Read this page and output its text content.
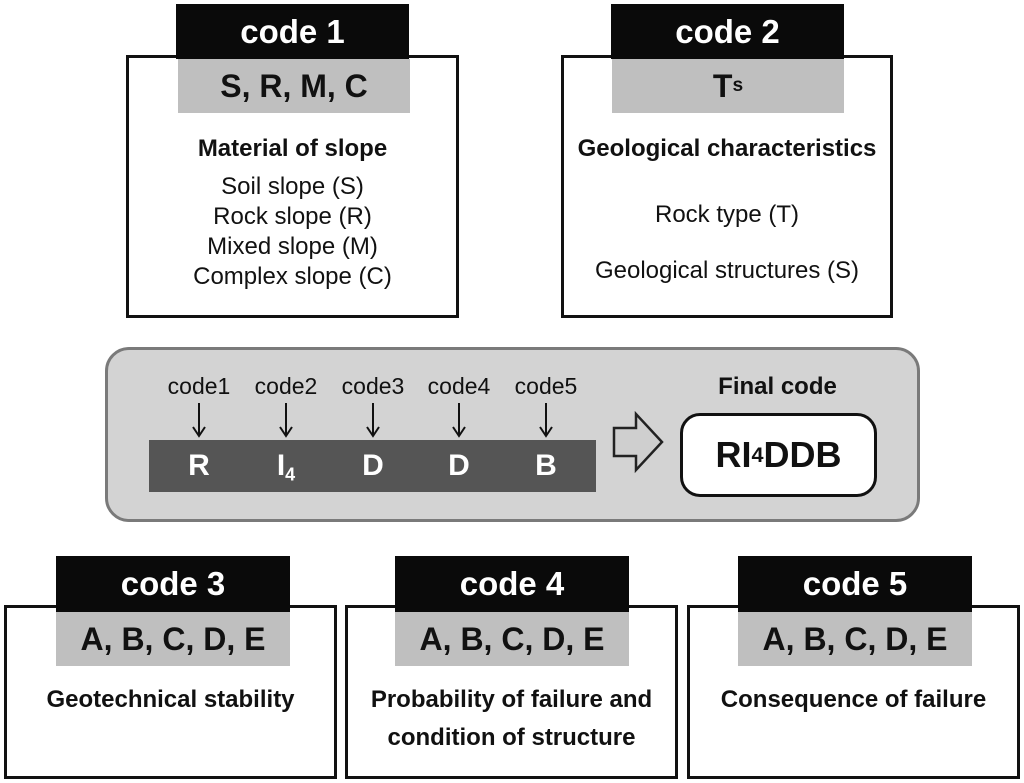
code 1
S, R, M, C
Material of slope
Soil slope (S)
Rock slope (R)
Mixed slope (M)
Complex slope (C)
code 2
T s
Geological characteristics
Rock type (T)
Geological structures (S)
Final code
code1	code2	code3	code4	code5
R	$I_4$	D	D	B	RI 4 DDB
code 3
A, B, C, D, E
Geotechnical stability
code 4
A, B, C, D, E
Probability of failure and
condition of structure
code 5
A, B, C, D, E
Consequence of failure
